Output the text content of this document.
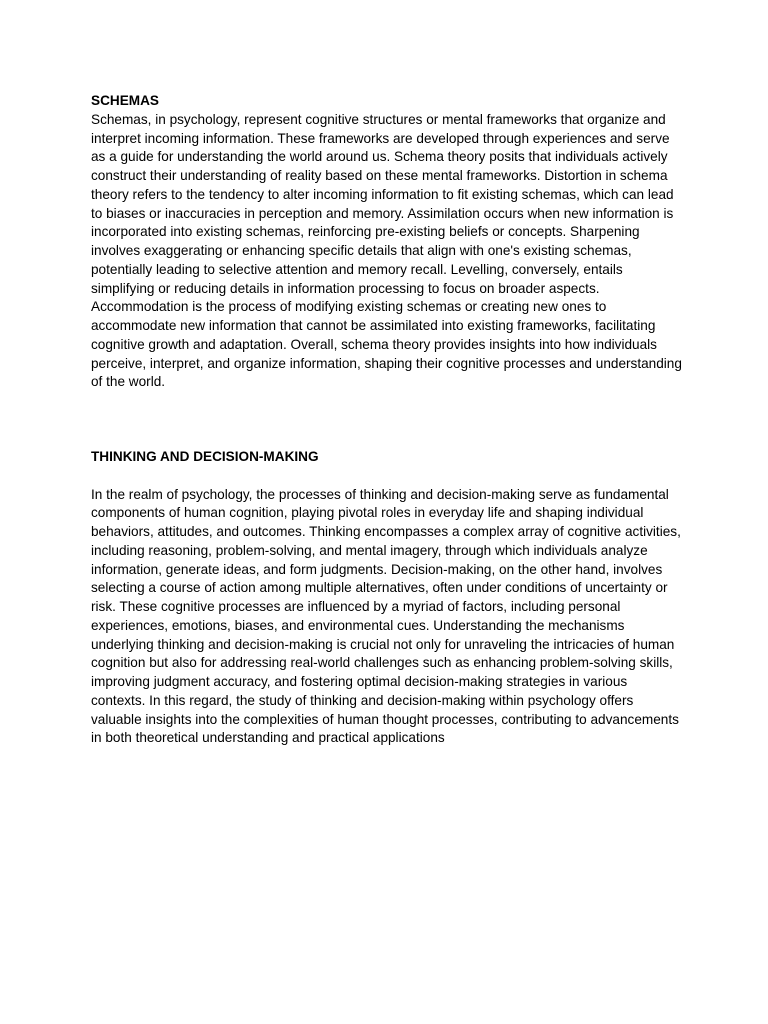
SCHEMAS

Schemas, in psychology, represent cognitive structures or mental frameworks that organize and interpret incoming information. These frameworks are developed through experiences and serve as a guide for understanding the world around us. Schema theory posits that individuals actively construct their understanding of reality based on these mental frameworks. Distortion in schema theory refers to the tendency to alter incoming information to fit existing schemas, which can lead to biases or inaccuracies in perception and memory. Assimilation occurs when new information is incorporated into existing schemas, reinforcing pre-existing beliefs or concepts. Sharpening involves exaggerating or enhancing specific details that align with one's existing schemas, potentially leading to selective attention and memory recall. Levelling, conversely, entails simplifying or reducing details in information processing to focus on broader aspects. Accommodation is the process of modifying existing schemas or creating new ones to accommodate new information that cannot be assimilated into existing frameworks, facilitating cognitive growth and adaptation. Overall, schema theory provides insights into how individuals perceive, interpret, and organize information, shaping their cognitive processes and understanding of the world.

THINKING AND DECISION-MAKING

In the realm of psychology, the processes of thinking and decision-making serve as fundamental components of human cognition, playing pivotal roles in everyday life and shaping individual behaviors, attitudes, and outcomes. Thinking encompasses a complex array of cognitive activities, including reasoning, problem-solving, and mental imagery, through which individuals analyze information, generate ideas, and form judgments. Decision-making, on the other hand, involves selecting a course of action among multiple alternatives, often under conditions of uncertainty or risk. These cognitive processes are influenced by a myriad of factors, including personal experiences, emotions, biases, and environmental cues. Understanding the mechanisms underlying thinking and decision-making is crucial not only for unraveling the intricacies of human cognition but also for addressing real-world challenges such as enhancing problem-solving skills, improving judgment accuracy, and fostering optimal decision-making strategies in various contexts. In this regard, the study of thinking and decision-making within psychology offers valuable insights into the complexities of human thought processes, contributing to advancements in both theoretical understanding and practical applications
